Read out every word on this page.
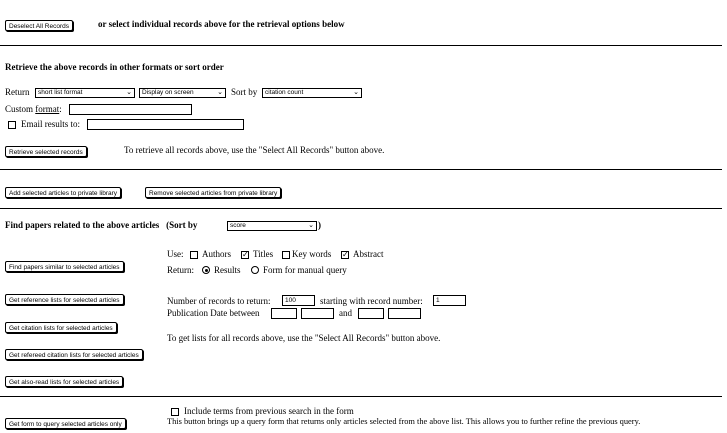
Deselect All Records	or select individual records above for the retrieval options below
Retrieve the above records in other formats or sort order
Return	short list format	⌄	Display on screen	⌄ Sort by	citation count	⌄
Custom format:
Email results to:
Retrieve selected records	To retrieve all records above, use the "Select All Records" button above.
Add selected articles to private library	Remove selected articles from private library
Find papers related to the above articles (Sort by	score	⌄ )
Find papers similar to selected articles
Use: Authors ✓ Titles Key words ✓ Abstract
Return: Results Form for manual query
Get reference lists for selected articles	Number of records to return:	100	starting with record number:	1
Publication Date between	and
Get citation lists for selected articles
To get lists for all records above, use the "Select All Records" button above.
Get refereed citation lists for selected articles
Get also-read lists for selected articles
Include terms from previous search in the form
Get form to query selected articles only	This button brings up a query form that returns only articles selected from the above list. This allows you to further refine the previous query.
